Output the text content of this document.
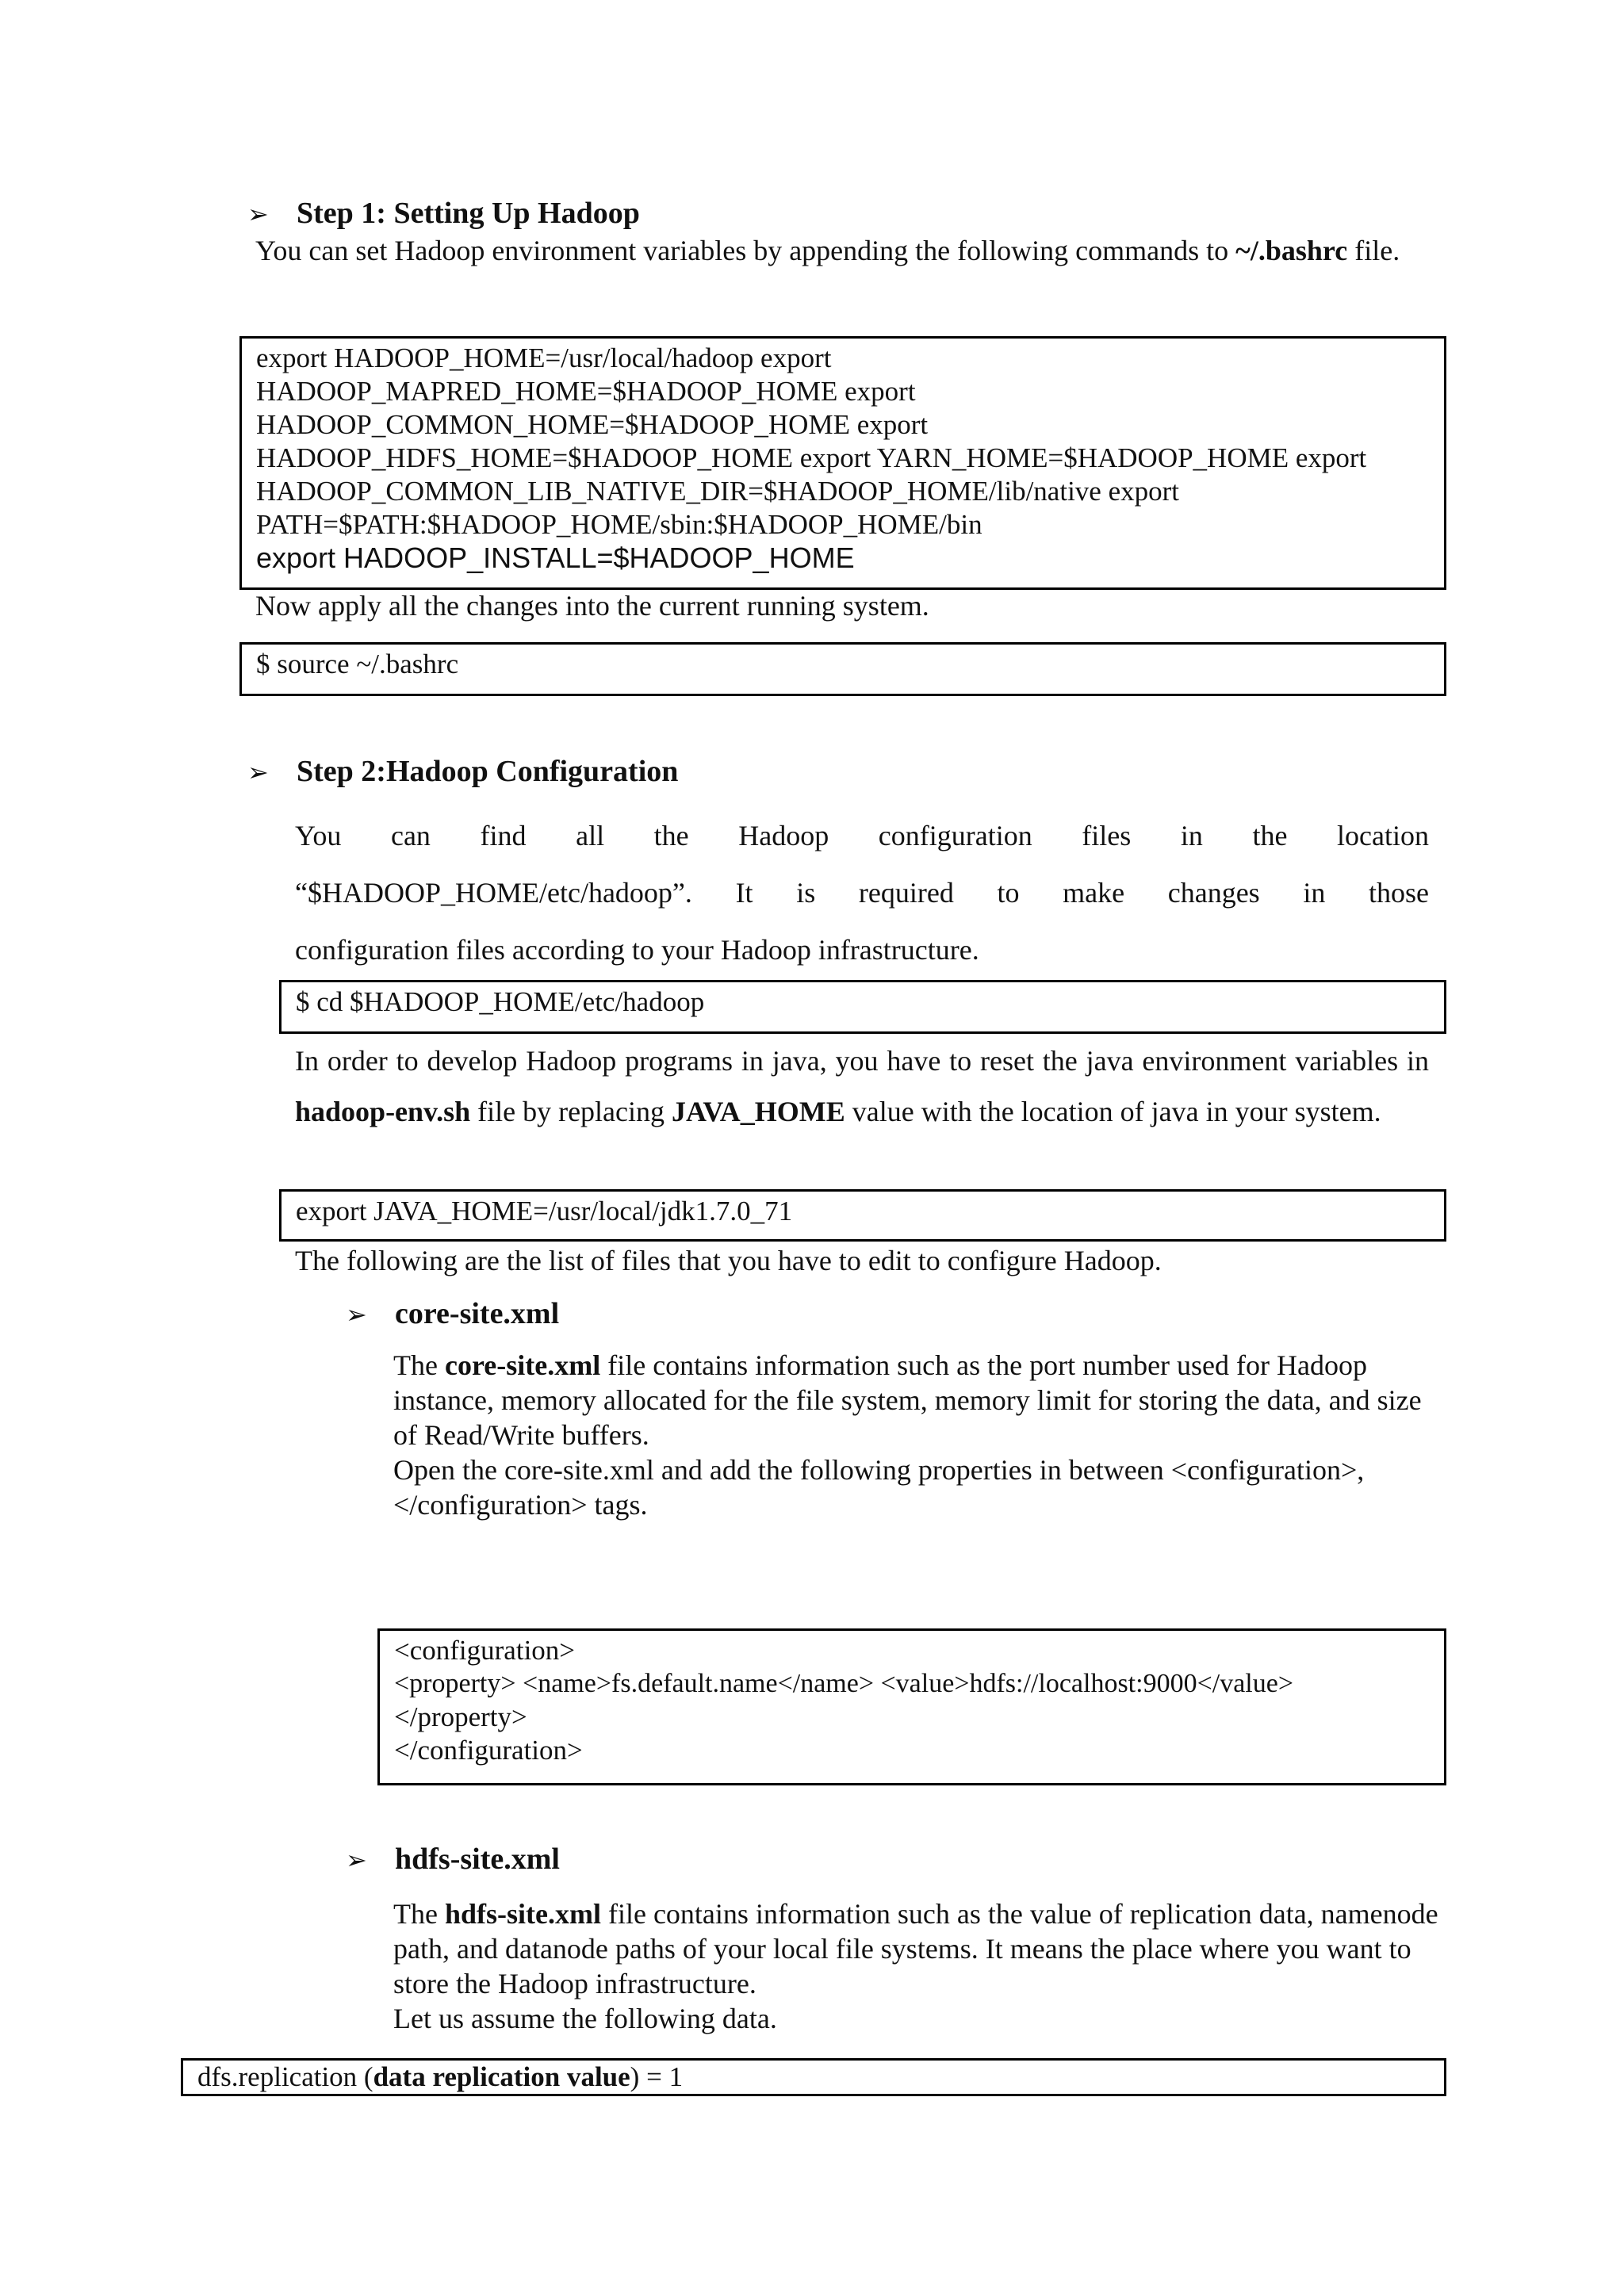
➢ Step 1: Setting Up Hadoop
You can set Hadoop environment variables by appending the following commands to ~/.bashrc file.
export HADOOP_HOME=/usr/local/hadoop export
HADOOP_MAPRED_HOME=$HADOOP_HOME export
HADOOP_COMMON_HOME=$HADOOP_HOME export
HADOOP_HDFS_HOME=$HADOOP_HOME export YARN_HOME=$HADOOP_HOME export
HADOOP_COMMON_LIB_NATIVE_DIR=$HADOOP_HOME/lib/native export
PATH=$PATH:$HADOOP_HOME/sbin:$HADOOP_HOME/bin
export HADOOP_INSTALL=$HADOOP_HOME
Now apply all the changes into the current running system.
$ source ~/.bashrc
➢ Step 2:Hadoop Configuration
You can find all the Hadoop configuration files in the location
“$HADOOP_HOME/etc/hadoop”. It is required to make changes in those
configuration files according to your Hadoop infrastructure.
$ cd $HADOOP_HOME/etc/hadoop
In order to develop Hadoop programs in java, you have to reset the java environment variables in hadoop-env.sh file by replacing JAVA_HOME value with the location of java in your system.
export JAVA_HOME=/usr/local/jdk1.7.0_71
The following are the list of files that you have to edit to configure Hadoop.
➢ core-site.xml
The core-site.xml file contains information such as the port number used for Hadoop instance, memory allocated for the file system, memory limit for storing the data, and size of Read/Write buffers.
Open the core-site.xml and add the following properties in between <configuration>, </configuration> tags.
<configuration>
<property> <name>fs.default.name</name> <value>hdfs://localhost:9000</value>
</property>
</configuration>
➢ hdfs-site.xml
The hdfs-site.xml file contains information such as the value of replication data, namenode path, and datanode paths of your local file systems. It means the place where you want to store the Hadoop infrastructure.
Let us assume the following data.
dfs.replication (data replication value) = 1
